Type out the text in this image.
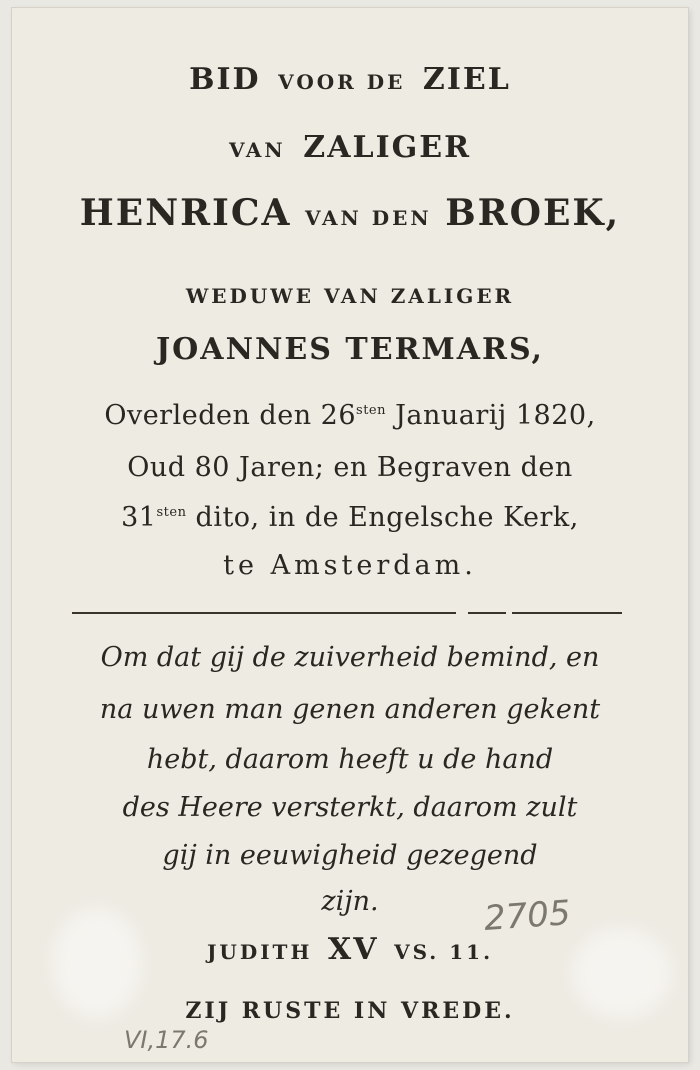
BID VOOR DE ZIEL
VAN ZALIGER
HENRICA VAN DEN BROEK,
WEDUWE VAN ZALIGER
JOANNES TERMARS,
Overleden den $26^{sten}$ Januarij 1820,
Oud 80 Jaren; en Begraven den
$31^{sten}$ dito, in de Engelsche Kerk,
te Amsterdam.
Om dat gij de zuiverheid bemind, en
na uwen man genen anderen gekent
hebt, daarom heeft u de hand
des Heere versterkt, daarom zult
gij in eeuwigheid gezegend
zijn.
JUDITH XV VS. 11.
ZIJ RUSTE IN VREDE.
2705
VI,17.6
